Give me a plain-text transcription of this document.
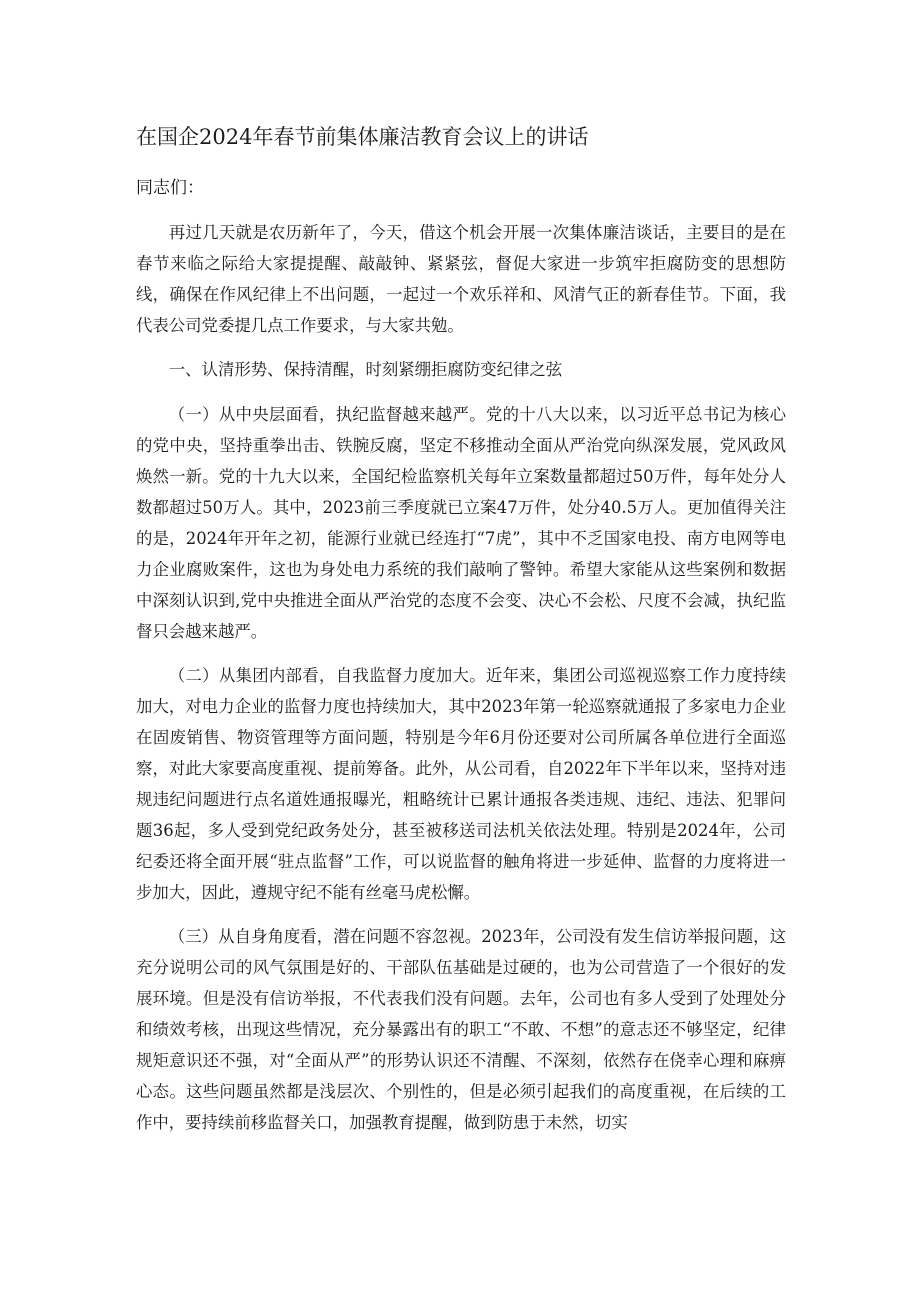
在国企2024年春节前集体廉洁教育会议上的讲话

同志们：

再过几天就是农历新年了，今天，借这个机会开展一次集体廉洁谈话，主要目的是在春节来临之际给大家提提醒、敲敲钟、紧紧弦，督促大家进一步筑牢拒腐防变的思想防线，确保在作风纪律上不出问题，一起过一个欢乐祥和、风清气正的新春佳节。下面，我代表公司党委提几点工作要求，与大家共勉。

一、认清形势、保持清醒，时刻紧绷拒腐防变纪律之弦

（一）从中央层面看，执纪监督越来越严。党的十八大以来，以习近平总书记为核心的党中央，坚持重拳出击、铁腕反腐，坚定不移推动全面从严治党向纵深发展，党风政风焕然一新。党的十九大以来，全国纪检监察机关每年立案数量都超过50万件，每年处分人数都超过50万人。其中，2023前三季度就已立案47万件，处分40.5万人。更加值得关注的是，2024年开年之初，能源行业就已经连打“7虎”，其中不乏国家电投、南方电网等电力企业腐败案件，这也为身处电力系统的我们敲响了警钟。希望大家能从这些案例和数据中深刻认识到,党中央推进全面从严治党的态度不会变、决心不会松、尺度不会减，执纪监督只会越来越严。

（二）从集团内部看，自我监督力度加大。近年来，集团公司巡视巡察工作力度持续加大，对电力企业的监督力度也持续加大，其中2023年第一轮巡察就通报了多家电力企业在固废销售、物资管理等方面问题，特别是今年6月份还要对公司所属各单位进行全面巡察，对此大家要高度重视、提前筹备。此外，从公司看，自2022年下半年以来，坚持对违规违纪问题进行点名道姓通报曝光，粗略统计已累计通报各类违规、违纪、违法、犯罪问题36起，多人受到党纪政务处分，甚至被移送司法机关依法处理。特别是2024年，公司纪委还将全面开展“驻点监督”工作，可以说监督的触角将进一步延伸、监督的力度将进一步加大，因此，遵规守纪不能有丝毫马虎松懈。

（三）从自身角度看，潜在问题不容忽视。2023年，公司没有发生信访举报问题，这充分说明公司的风气氛围是好的、干部队伍基础是过硬的，也为公司营造了一个很好的发展环境。但是没有信访举报，不代表我们没有问题。去年，公司也有多人受到了处理处分和绩效考核，出现这些情况，充分暴露出有的职工“不敢、不想”的意志还不够坚定，纪律规矩意识还不强，对“全面从严”的形势认识还不清醒、不深刻，依然存在侥幸心理和麻痹心态。这些问题虽然都是浅层次、个别性的，但是必须引起我们的高度重视，在后续的工作中，要持续前移监督关口，加强教育提醒，做到防患于未然，切实
